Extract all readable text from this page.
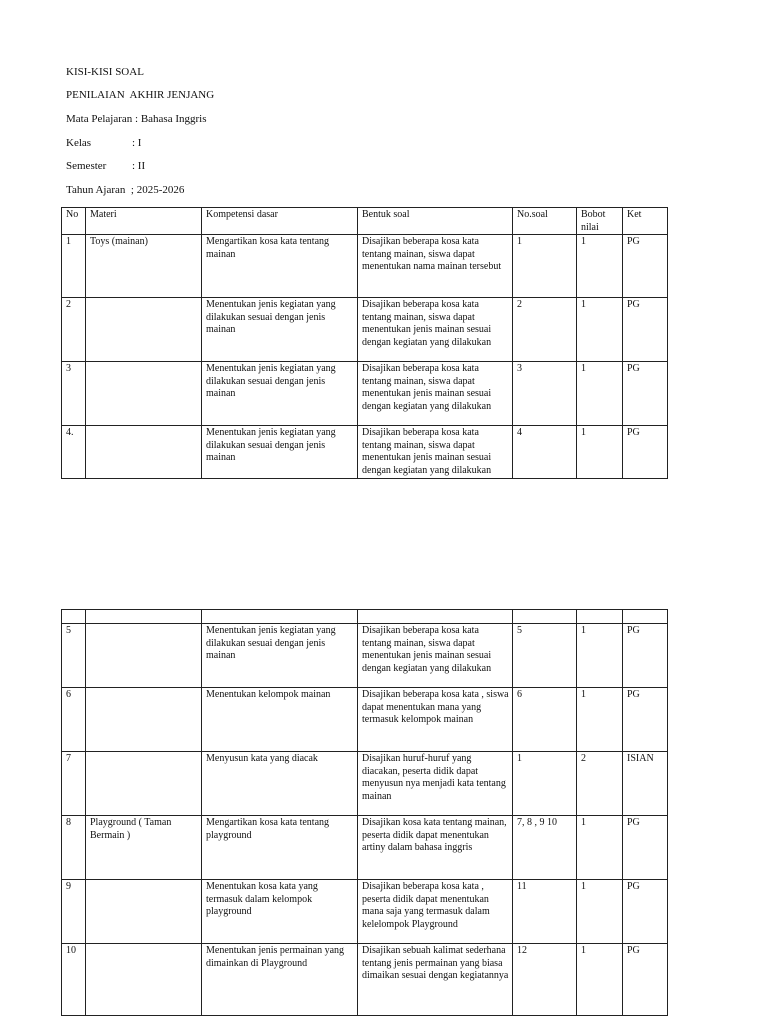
KISI-KISI SOAL
PENILAIAN  AKHIR JENJANG
Mata Pelajaran : Bahasa Inggris
Kelas	: I
Semester : II
Tahun Ajaran  ; 2025-2026
No	Materi	Kompetensi dasar	Bentuk soal	No.soal	Bobot nilai	Ket
1	Toys (mainan)	Mengartikan kosa kata tentang mainan	Disajikan beberapa kosa kata tentang mainan, siswa dapat menentukan nama mainan tersebut	1	1	PG
2		Menentukan jenis kegiatan yang dilakukan sesuai dengan jenis mainan	Disajikan beberapa kosa kata tentang mainan, siswa dapat menentukan jenis mainan sesuai dengan kegiatan yang dilakukan	2	1	PG
3		Menentukan jenis kegiatan yang dilakukan sesuai dengan jenis mainan	Disajikan beberapa kosa kata tentang mainan, siswa dapat menentukan jenis mainan sesuai dengan kegiatan yang dilakukan	3	1	PG
4.		Menentukan jenis kegiatan yang dilakukan sesuai dengan jenis mainan	Disajikan beberapa kosa kata tentang mainan, siswa dapat menentukan jenis mainan sesuai dengan kegiatan yang dilakukan	4	1	PG

5		Menentukan jenis kegiatan yang dilakukan sesuai dengan jenis mainan	Disajikan beberapa kosa kata tentang mainan, siswa dapat menentukan jenis mainan sesuai dengan kegiatan yang dilakukan	5	1	PG
6		Menentukan kelompok mainan	Disajikan beberapa kosa kata , siswa dapat menentukan mana yang termasuk kelompok mainan	6	1	PG
7		Menyusun kata yang diacak	Disajikan huruf-huruf yang diacakan, peserta didik dapat menyusun nya menjadi kata tentang mainan	1	2	ISIAN
8	Playground ( Taman Bermain )	Mengartikan kosa kata tentang playground	Disajikan kosa kata tentang mainan, peserta didik dapat menentukan artiny dalam bahasa inggris	7, 8 , 9 10	1	PG
9		Menentukan kosa kata yang termasuk dalam kelompok playground	Disajikan beberapa kosa kata , peserta didik dapat menentukan mana saja yang termasuk dalam kelelompok Playground	11	1	PG
10		Menentukan jenis permainan yang dimainkan di Playground	Disajikan sebuah kalimat sederhana tentang jenis permainan yang biasa dimaikan sesuai dengan kegiatannya	12	1	PG
